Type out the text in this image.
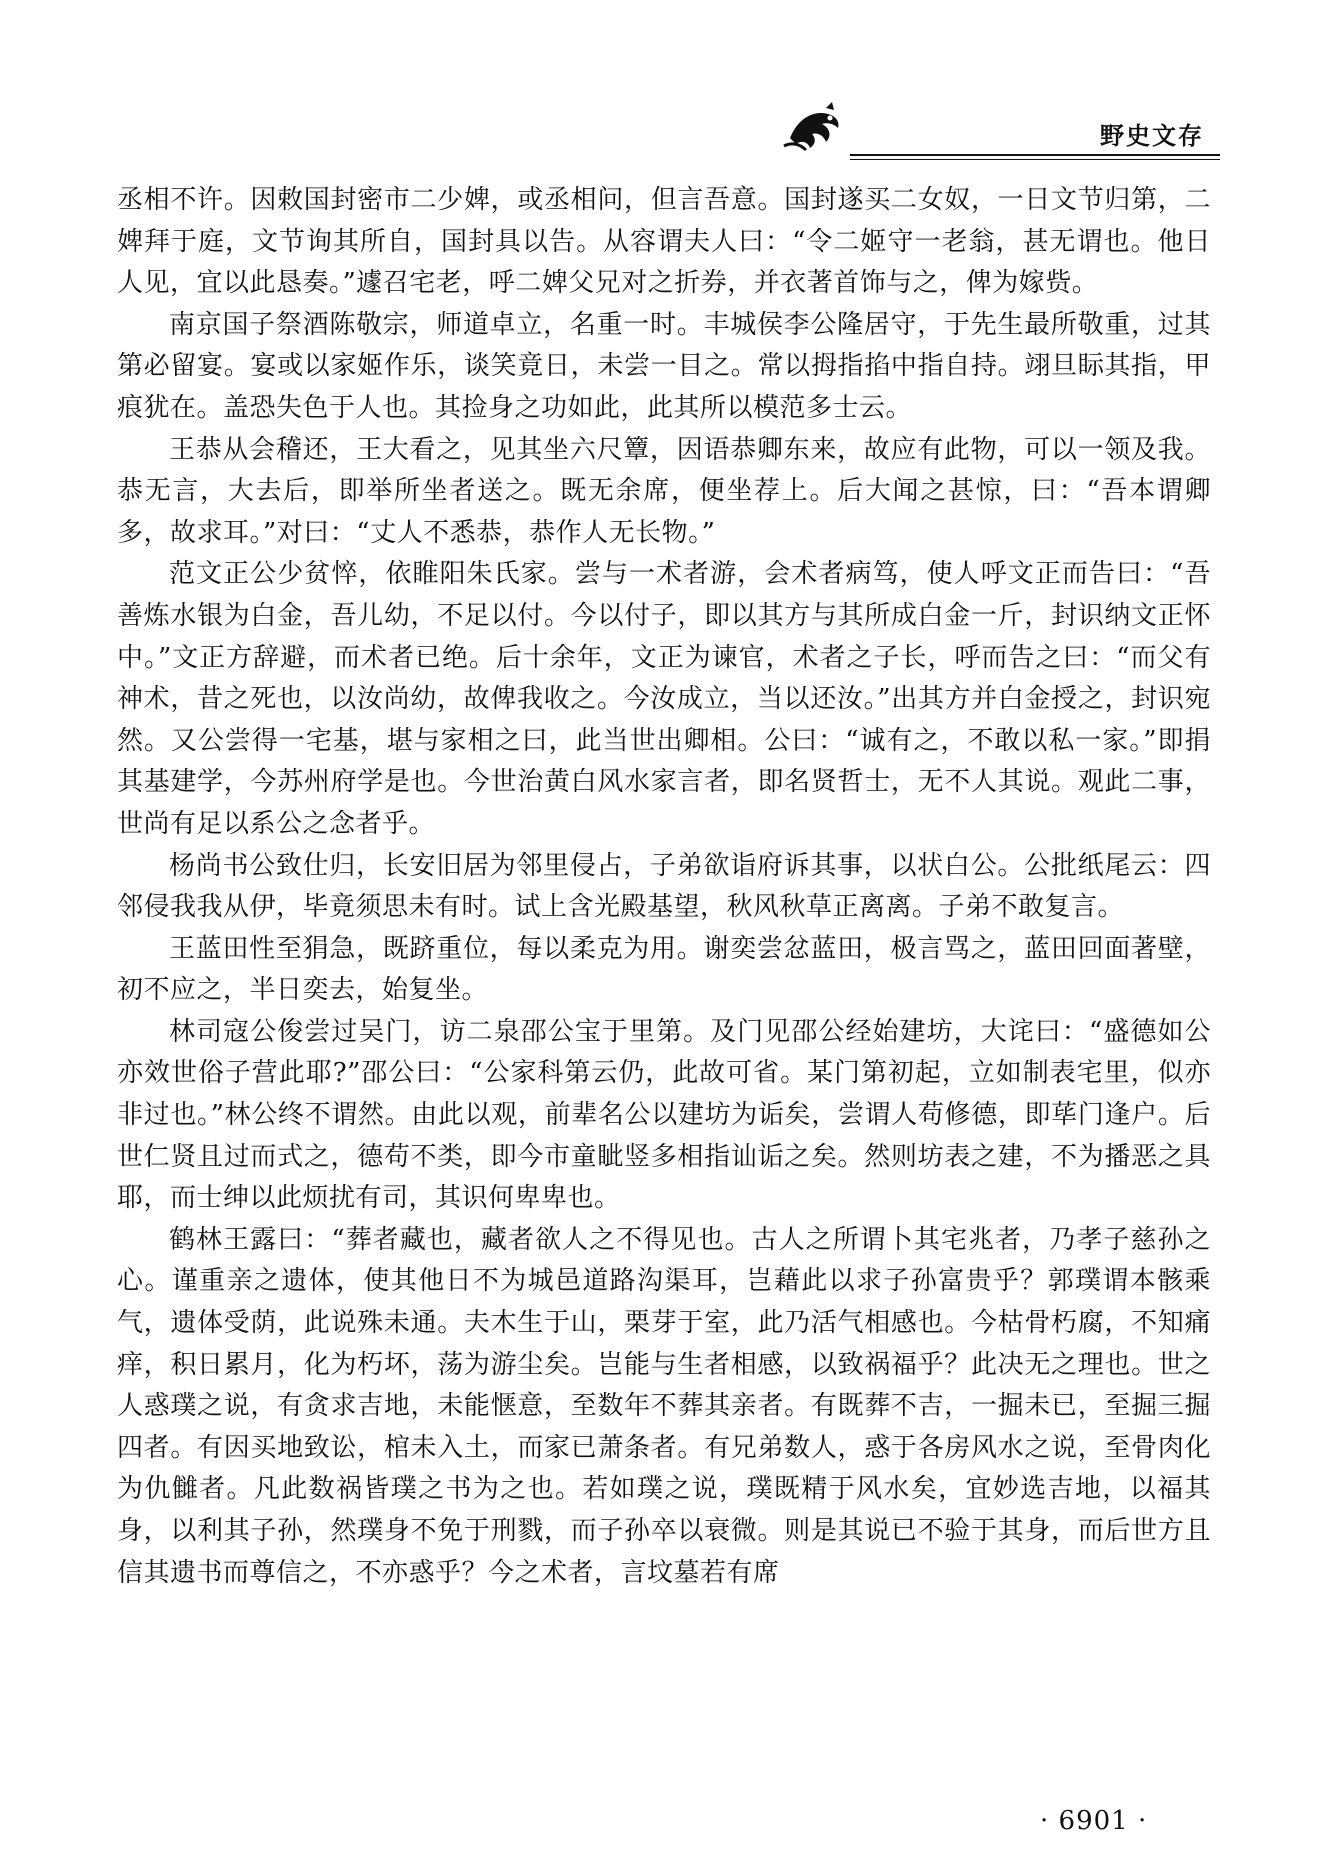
野史文存

丞相不许。因敕国封密市二少婢，或丞相问，但言吾意。国封遂买二女奴，一日文节归第，二婢拜于庭，文节询其所自，国封具以告。从容谓夫人曰：“令二姬守一老翁，甚无谓也。他日人见，宜以此恳奏。”遽召宅老，呼二婢父兄对之折券，并衣著首饰与之，俾为嫁赀。

南京国子祭酒陈敬宗，师道卓立，名重一时。丰城侯李公隆居守，于先生最所敬重，过其第必留宴。宴或以家姬作乐，谈笑竟日，未尝一目之。常以拇指掐中指自持。翊旦眎其指，甲痕犹在。盖恐失色于人也。其捡身之功如此，此其所以模范多士云。

王恭从会稽还，王大看之，见其坐六尺簟，因语恭卿东来，故应有此物，可以一领及我。恭无言，大去后，即举所坐者送之。既无余席，便坐荐上。后大闻之甚惊，曰：“吾本谓卿多，故求耳。”对曰：“丈人不悉恭，恭作人无长物。”

范文正公少贫悴，依睢阳朱氏家。尝与一术者游，会术者病笃，使人呼文正而告曰：“吾善炼水银为白金，吾儿幼，不足以付。今以付子，即以其方与其所成白金一斤，封识纳文正怀中。”文正方辞避，而术者已绝。后十余年，文正为谏官，术者之子长，呼而告之曰：“而父有神术，昔之死也，以汝尚幼，故俾我收之。今汝成立，当以还汝。”出其方并白金授之，封识宛然。又公尝得一宅基，堪与家相之曰，此当世出卿相。公曰：“诚有之，不敢以私一家。”即捐其基建学，今苏州府学是也。今世治黄白风水家言者，即名贤哲士，无不人其说。观此二事，世尚有足以系公之念者乎。

杨尚书公致仕归，长安旧居为邻里侵占，子弟欲诣府诉其事，以状白公。公批纸尾云：四邻侵我我从伊，毕竟须思未有时。试上含光殿基望，秋风秋草正离离。子弟不敢复言。

王蓝田性至狷急，既跻重位，每以柔克为用。谢奕尝忿蓝田，极言骂之，蓝田回面著壁，初不应之，半日奕去，始复坐。

林司寇公俊尝过吴门，访二泉邵公宝于里第。及门见邵公经始建坊，大诧曰：“盛德如公亦效世俗子营此耶?”邵公曰：“公家科第云仍，此故可省。某门第初起，立如制表宅里，似亦非过也。”林公终不谓然。由此以观，前辈名公以建坊为诟矣，尝谓人苟修德，即荜门逢户。后世仁贤且过而式之，德苟不类，即今市童眦竖多相指讪诟之矣。然则坊表之建，不为播恶之具耶，而士绅以此烦扰有司，其识何卑卑也。

鹤林王露曰：“葬者藏也，藏者欲人之不得见也。古人之所谓卜其宅兆者，乃孝子慈孙之心。谨重亲之遗体，使其他日不为城邑道路沟渠耳，岂藉此以求子孙富贵乎？郭璞谓本骸乘气，遗体受荫，此说殊未通。夫木生于山，栗芽于室，此乃活气相感也。今枯骨朽腐，不知痛痒，积日累月，化为朽坏，荡为游尘矣。岂能与生者相感，以致祸福乎？此决无之理也。世之人惑璞之说，有贪求吉地，未能惬意，至数年不葬其亲者。有既葬不吉，一掘未已，至掘三掘四者。有因买地致讼，棺未入土，而家已萧条者。有兄弟数人，惑于各房风水之说，至骨肉化为仇雠者。凡此数祸皆璞之书为之也。若如璞之说，璞既精于风水矣，宜妙选吉地，以福其身，以利其子孙，然璞身不免于刑戮，而子孙卒以衰微。则是其说已不验于其身，而后世方且信其遗书而尊信之，不亦惑乎？今之术者，言坟墓若有席

· 6901 ·
